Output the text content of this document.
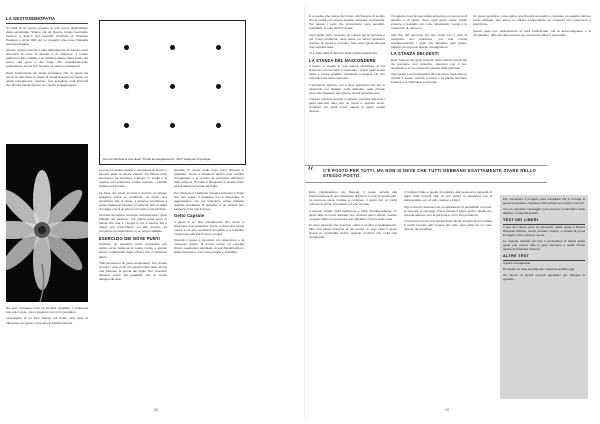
LA GESTOSEMIOPATIA

Si tratta di un nuovo progetto di una nuova applicazione della semiologia. Stiamo già da diverso tempo lavorando insieme a Enrico Sol Grundel (Chisinar di Chisinan Pedago) e Anna Wiki per un progetto una cosa chiamata gestosemiopatia.

Questo nostro incontro è nato dall'esigenza di trovare nuovi strumenti di cura, di ascolto e di relazione. Il nostro approccio alle malattie e ai problemi passa dallo studio del corpo, dei gesti e dei segni che quotidianamente produciamo, senza che sempre ne siamo consapevoli.

Dopo l'esperienza dei rituali, pensiamo che un gesto sia come un atto fisico in grado di riprogrammare la mente: un gesto consapevole, ripetuto, può sciogliere nodi profondi che la sola parola spesso non riesce a raggiungere.

Da quel momento tutto mi sembra possibile: il problema non era il nodo, ma lo sguardo con cui lo guardavo.

L'immagine di un fiore bianco sul fondo nero apre la riflessione sul gesto come atto di trasformazione.

"Uno fuori dal Nove di nove diviso" "Puzzle dei Geogrannipunti", 1974, Verlag fuer Psychologie

La mia più fedele sodale e compagna di lavoro è sempre stata la nostra visione. Ha fiducia nello strumento, sa ascoltare il lavoro, lo studia e lo applica con pazienza, anche quando i risultati tardano ad arrivare.

La base dei nostri incontri è sempre la stessa: qualcuno porta un problema, un nodo, una situazione che si ripete, e insieme cerchiamo il gesto capace di rompere lo schema. Non si tratta di magia, ma di un lavoro sul corpo e sul simbolo.

La base del lavoro consiste nell'osservare i gesti abituali del paziente, nel capire quali sono le parole che usa e i luoghi in cui si blocca. Da lì nasce una prescrizione: un atto preciso, da compiere con attenzione, in un tempo stabilito.

ESERCIZIO DEI NOVE PUNTI

Vediamo un esercizio molto conosciuto per capire come funziona la nostra mente e quanto siamo condizionati dagli schemi che ci portiamo dietro.

Tutti conoscono un gioco enigmistico, che chiede di unire i nove punti con quattro linee rette, senza mai staccare la penna dal foglio. Per risolverlo bisogna uscire dal quadrato che la mente disegna da sola.

Quando la mente vede nove punti disposti in quadrato, tende a chiudersi dentro quel confine immaginario e a cercare la soluzione all'interno dello schema. Provate a disegnare le quattro linee senza alzare la penna dal foglio.

Per risolvere il problema bisogna superare il limite che non esiste: il quadrato non è disegnato, lo aggiungiamo noi. La soluzione arriva soltanto quando smettiamo di obbedire a un vincolo che nessuno ci ha mai imposto.

Getto Capsule

Il gesto è un atto consapevole che serve a sbloccare una situazione ferma, a dare una forma nuova a ciò che sembrava immobile e a restituire movimento alla vita di chi lo compie.

Quando il gesto è compiuto con attenzione e al momento giusto, la mente riceve un segnale chiaro: qualcosa è cambiato, la vecchia abitudine è stata interrotta e una nuova strada è possibile.

28

È un gesto che nasce dal corpo, dal bisogno di sentire che la realtà può essere toccata, spostata, ricomposta. Per questo i gesti che proponiamo sono semplici, quotidiani, a volte perfino ironici.

Ogni gesto viene costruito su misura per la persona e per il suo problema: deve avere un senso simbolico preciso, un tempo e un luogo. Solo così il gesto diventa una risposta reale.

Ci è stata data di decenni della nostra esperienza.

LA STANZA DEL NASCONDERE

Il lavoro si svolge in una stanza silenziosa, in cui ciascuno può fermarsi e osservare i propri gesti senza fretta e senza giudizio, lasciando emergere ciò che normalmente resta nascosto.

Il problema, spesso, non è dove pensiamo che sia: si nasconde nei dettagli, nelle abitudini, nelle piccole cose che ripetiamo ogni giorno senza accorgercene.

Il lavoro consiste proprio in questo: riportare alla luce i gesti nascosti, dare loro un nome e, quando serve, sostituirli con gesti nuovi, capaci di aprire strade diverse.

Il soggetto trova la sua strada attraverso un percorso di ascolto e di gioco, dove ogni gesto viene scelto insieme e restituito con cura, rispettando i tempi e le resistenze di ciascuno.

Alla fine del percorso ciò che resta non è solo la soluzione del problema, ma una nuova consapevolezza: i gesti che facciamo ogni giorno parlano di noi più di quanto immaginiamo.

LA STANZA DEI GESTI

Ecco l'elenco dei gesti proposti nella stanza: piccoli atti da compiere con lentezza, ciascuno con il suo significato e il suo momento preciso della giornata.

Ogni gesto è accompagnato da una breve frase che ne ricorda il senso, perché il corpo e la parola lavorano insieme e si rafforzano a vicenda.

Un gesto semplice, come aprire una finestra al mattino o spostare un oggetto dal suo posto abituale, può avere un effetto sorprendente se compiuto con intenzione e attenzione.

Questi gesti non sostituiscono la cura tradizionale, ma la accompagnano e la completano, offrendo alla persona uno strumento attivo e personale.

“ C'È POSTO PER TUTTI, MA NON SI DEVE CHE TUTTI DEBBANO ESATTAMENTE STARE NELLO STESSO POSTO.

Ecco l'applicazione del Metodo, il quale servirà alla trasformazione di una situazione di blocco in una di movimento. La persona viene invitata a compiere il gesto per un certo numero di giorni, annotando ciò che accade.

Il segreto risiede nella ripetizione e nella consapevolezza: un gesto fatto in modo distratto non produce alcun effetto, mentre un gesto fatto con presenza può cambiare il corso delle cose.

Ci sono persone che riescono subito a sentire il cambiamento, altre che hanno bisogno di più tempo. In ogni caso il gesto lavora in profondità anche quando sembra che nulla stia accadendo.

Il risultato finale è quello di restituire alla persona la capacità di agire sulla propria vita, di non subire le situazioni ma di attraversarle con un atto creativo e libero.

Ogni incontro diventa così un laboratorio di possibilità: si prova, si osserva, si corregge, fino a trovare il gesto giusto, quello che risuona davvero con la persona e con il suo problema.

Il percorso non ha una durata fissa: alcuni trovano la loro strada in pochi incontri, altri tornano più volte, ogni volta con un nodo diverso da sciogliere.

Per conoscere il progetto puoi contattare chi si occupa di gestosemiopatia e chiedere informazioni sui prossimi incontri.

Con un semplice messaggio puoi ricevere il calendario delle attività e i materiali gratuiti.

TEST DEI LIBERI

Il test del Libero pone la domanda: quale gesto ti libera? Rispondi d'istinto, senza pensarci troppo, e annota la prima immagine che ti viene in mente.

Le risposte raccolte nel test ci permettono di capire quale gesto può essere utile in quel momento e quale invece rischia di rinforzare il blocco.

ALTRE TEST

Il gesto consapevole.

Domande su cosa sei disposto a lasciare andare oggi.

Un elenco di piccoli esercizi quotidiani per allenare lo sguardo.

29
